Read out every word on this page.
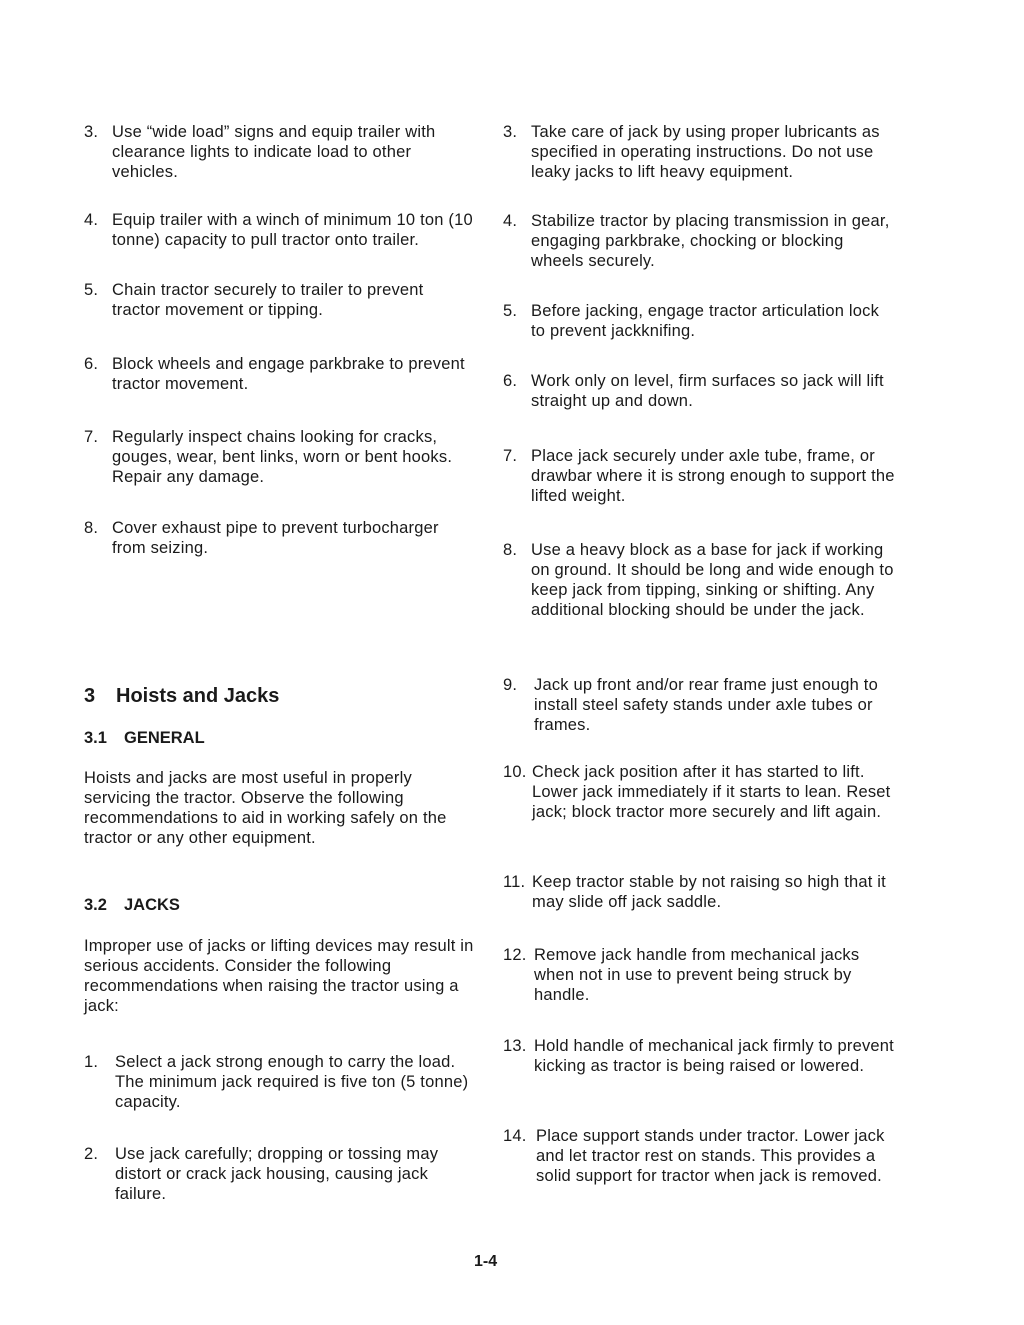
3. Use “wide load” signs and equip trailer with clearance lights to indicate load to other vehicles.
4. Equip trailer with a winch of minimum 10 ton (10 tonne) capacity to pull tractor onto trailer.
5. Chain tractor securely to trailer to prevent tractor movement or tipping.
6. Block wheels and engage parkbrake to prevent tractor movement.
7. Regularly inspect chains looking for cracks, gouges, wear, bent links, worn or bent hooks. Repair any damage.
8. Cover exhaust pipe to prevent turbocharger from seizing.
3 Hoists and Jacks
3.1 GENERAL
Hoists and jacks are most useful in properly servicing the tractor. Observe the following recommendations to aid in working safely on the tractor or any other equipment.
3.2 JACKS
Improper use of jacks or lifting devices may result in serious accidents. Consider the following recommendations when raising the tractor using a jack:
1. Select a jack strong enough to carry the load. The minimum jack required is five ton (5 tonne) capacity.
2. Use jack carefully; dropping or tossing may distort or crack jack housing, causing jack failure.
3. Take care of jack by using proper lubricants as specified in operating instructions. Do not use leaky jacks to lift heavy equipment.
4. Stabilize tractor by placing transmission in gear, engaging parkbrake, chocking or blocking wheels securely.
5. Before jacking, engage tractor articulation lock to prevent jackknifing.
6. Work only on level, firm surfaces so jack will lift straight up and down.
7. Place jack securely under axle tube, frame, or drawbar where it is strong enough to support the lifted weight.
8. Use a heavy block as a base for jack if working on ground. It should be long and wide enough to keep jack from tipping, sinking or shifting. Any additional blocking should be under the jack.
9. Jack up front and/or rear frame just enough to install steel safety stands under axle tubes or frames.
10. Check jack position after it has started to lift. Lower jack immediately if it starts to lean. Reset jack; block tractor more securely and lift again.
11. Keep tractor stable by not raising so high that it may slide off jack saddle.
12. Remove jack handle from mechanical jacks when not in use to prevent being struck by handle.
13. Hold handle of mechanical jack firmly to prevent kicking as tractor is being raised or lowered.
14. Place support stands under tractor. Lower jack and let tractor rest on stands. This provides a solid support for tractor when jack is removed.
1-4
